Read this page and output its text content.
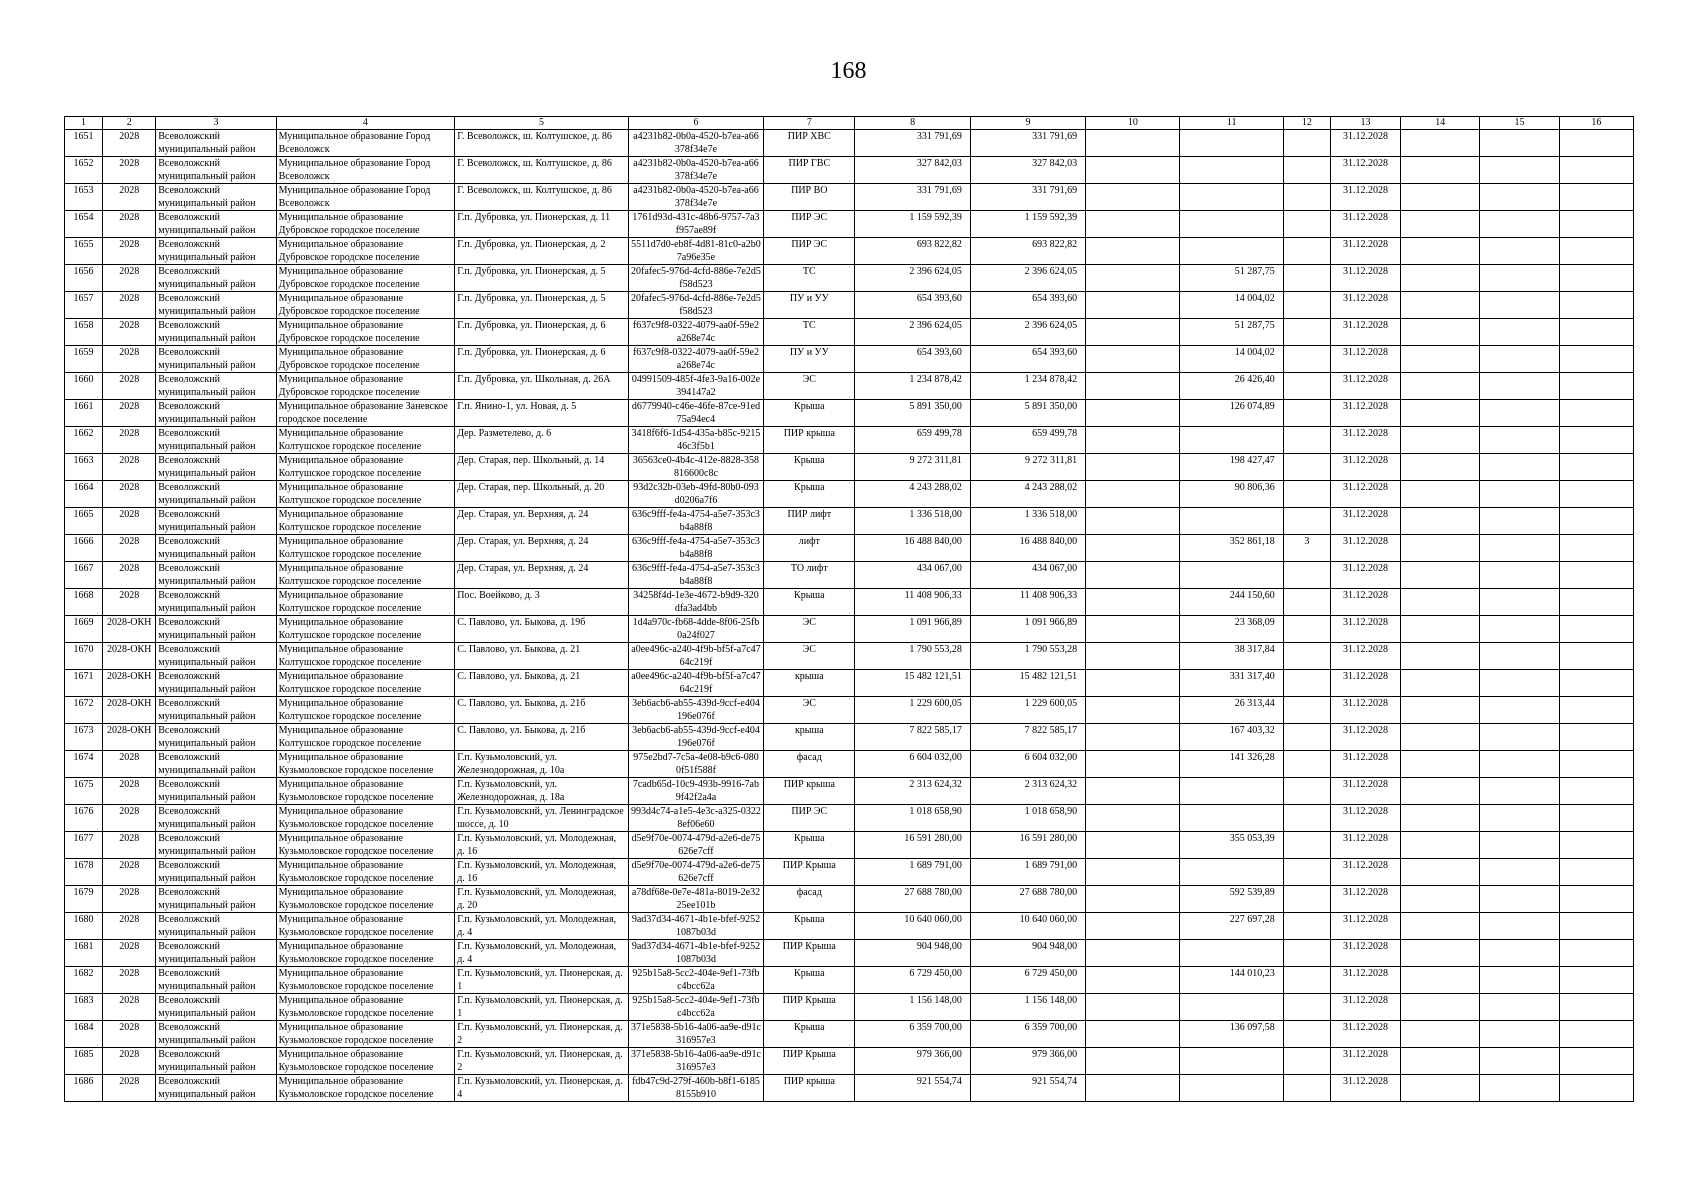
168
1	2	3	4	5	6	7	8	9	10	11	12	13	14	15	16
1651	2028	Всеволожский муниципальный район	Муниципальное образование Город Всеволожск	Г. Всеволожск, ш. Колтушское, д. 86	a4231b82-0b0a-4520-b7ea-a66378f34e7e	ПИР ХВС	331 791,69	331 791,69				31.12.2028			
1652	2028	Всеволожский муниципальный район	Муниципальное образование Город Всеволожск	Г. Всеволожск, ш. Колтушское, д. 86	a4231b82-0b0a-4520-b7ea-a66378f34e7e	ПИР ГВС	327 842,03	327 842,03				31.12.2028			
1653	2028	Всеволожский муниципальный район	Муниципальное образование Город Всеволожск	Г. Всеволожск, ш. Колтушское, д. 86	a4231b82-0b0a-4520-b7ea-a66378f34e7e	ПИР ВО	331 791,69	331 791,69				31.12.2028			
1654	2028	Всеволожский муниципальный район	Муниципальное образование Дубровское городское поселение	Г.п. Дубровка, ул. Пионерская, д. 11	1761d93d-431c-48b6-9757-7a3f957ae89f	ПИР ЭС	1 159 592,39	1 159 592,39				31.12.2028			
1655	2028	Всеволожский муниципальный район	Муниципальное образование Дубровское городское поселение	Г.п. Дубровка, ул. Пионерская, д. 2	5511d7d0-eb8f-4d81-81c0-a2b07a96e35e	ПИР ЭС	693 822,82	693 822,82				31.12.2028			
1656	2028	Всеволожский муниципальный район	Муниципальное образование Дубровское городское поселение	Г.п. Дубровка, ул. Пионерская, д. 5	20fafec5-976d-4cfd-886e-7e2d5f58d523	ТС	2 396 624,05	2 396 624,05		51 287,75		31.12.2028			
1657	2028	Всеволожский муниципальный район	Муниципальное образование Дубровское городское поселение	Г.п. Дубровка, ул. Пионерская, д. 5	20fafec5-976d-4cfd-886e-7e2d5f58d523	ПУ и УУ	654 393,60	654 393,60		14 004,02		31.12.2028			
1658	2028	Всеволожский муниципальный район	Муниципальное образование Дубровское городское поселение	Г.п. Дубровка, ул. Пионерская, д. 6	f637c9f8-0322-4079-aa0f-59e2a268e74c	ТС	2 396 624,05	2 396 624,05		51 287,75		31.12.2028			
1659	2028	Всеволожский муниципальный район	Муниципальное образование Дубровское городское поселение	Г.п. Дубровка, ул. Пионерская, д. 6	f637c9f8-0322-4079-aa0f-59e2a268e74c	ПУ и УУ	654 393,60	654 393,60		14 004,02		31.12.2028			
1660	2028	Всеволожский муниципальный район	Муниципальное образование Дубровское городское поселение	Г.п. Дубровка, ул. Школьная, д. 26А	04991509-485f-4fe3-9a16-002e394147a2	ЭС	1 234 878,42	1 234 878,42		26 426,40		31.12.2028			
1661	2028	Всеволожский муниципальный район	Муниципальное образование Заневское городское поселение	Г.п. Янино-1, ул. Новая, д. 5	d6779940-c46e-46fe-87ce-91ed75a94ec4	Крыша	5 891 350,00	5 891 350,00		126 074,89		31.12.2028			
1662	2028	Всеволожский муниципальный район	Муниципальное образование Колтушское городское поселение	Дер. Разметелево, д. 6	3418f6f6-1d54-435a-b85c-921546c3f5b1	ПИР крыша	659 499,78	659 499,78				31.12.2028			
1663	2028	Всеволожский муниципальный район	Муниципальное образование Колтушское городское поселение	Дер. Старая, пер. Школьный, д. 14	36563ce0-4b4c-412e-8828-358816600c8c	Крыша	9 272 311,81	9 272 311,81		198 427,47		31.12.2028			
1664	2028	Всеволожский муниципальный район	Муниципальное образование Колтушское городское поселение	Дер. Старая, пер. Школьный, д. 20	93d2c32b-03eb-49fd-80b0-093d0206a7f6	Крыша	4 243 288,02	4 243 288,02		90 806,36		31.12.2028			
1665	2028	Всеволожский муниципальный район	Муниципальное образование Колтушское городское поселение	Дер. Старая, ул. Верхняя, д. 24	636c9fff-fe4a-4754-a5e7-353c3b4a88f8	ПИР лифт	1 336 518,00	1 336 518,00				31.12.2028			
1666	2028	Всеволожский муниципальный район	Муниципальное образование Колтушское городское поселение	Дер. Старая, ул. Верхняя, д. 24	636c9fff-fe4a-4754-a5e7-353c3b4a88f8	лифт	16 488 840,00	16 488 840,00		352 861,18	3	31.12.2028			
1667	2028	Всеволожский муниципальный район	Муниципальное образование Колтушское городское поселение	Дер. Старая, ул. Верхняя, д. 24	636c9fff-fe4a-4754-a5e7-353c3b4a88f8	ТО лифт	434 067,00	434 067,00				31.12.2028			
1668	2028	Всеволожский муниципальный район	Муниципальное образование Колтушское городское поселение	Пос. Воейково, д. 3	34258f4d-1e3e-4672-b9d9-320dfa3ad4bb	Крыша	11 408 906,33	11 408 906,33		244 150,60		31.12.2028			
1669	2028-ОКН	Всеволожский муниципальный район	Муниципальное образование Колтушское городское поселение	С. Павлово, ул. Быкова, д. 19б	1d4a970c-fb68-4dde-8f06-25fb0a24f027	ЭС	1 091 966,89	1 091 966,89		23 368,09		31.12.2028			
1670	2028-ОКН	Всеволожский муниципальный район	Муниципальное образование Колтушское городское поселение	С. Павлово, ул. Быкова, д. 21	a0ee496c-a240-4f9b-bf5f-a7c4764c219f	ЭС	1 790 553,28	1 790 553,28		38 317,84		31.12.2028			
1671	2028-ОКН	Всеволожский муниципальный район	Муниципальное образование Колтушское городское поселение	С. Павлово, ул. Быкова, д. 21	a0ee496c-a240-4f9b-bf5f-a7c4764c219f	крыша	15 482 121,51	15 482 121,51		331 317,40		31.12.2028			
1672	2028-ОКН	Всеволожский муниципальный район	Муниципальное образование Колтушское городское поселение	С. Павлово, ул. Быкова, д. 21б	3eb6acb6-ab55-439d-9ccf-e404196e076f	ЭС	1 229 600,05	1 229 600,05		26 313,44		31.12.2028			
1673	2028-ОКН	Всеволожский муниципальный район	Муниципальное образование Колтушское городское поселение	С. Павлово, ул. Быкова, д. 21б	3eb6acb6-ab55-439d-9ccf-e404196e076f	крыша	7 822 585,17	7 822 585,17		167 403,32		31.12.2028			
1674	2028	Всеволожский муниципальный район	Муниципальное образование Кузьмоловское городское поселение	Г.п. Кузьмоловский, ул. Железнодорожная, д. 10а	975e2bd7-7c5a-4e08-b9c6-0800f51f588f	фасад	6 604 032,00	6 604 032,00		141 326,28		31.12.2028			
1675	2028	Всеволожский муниципальный район	Муниципальное образование Кузьмоловское городское поселение	Г.п. Кузьмоловский, ул. Железнодорожная, д. 18а	7cadb65d-10c9-493b-9916-7ab9f42f2a4a	ПИР крыша	2 313 624,32	2 313 624,32				31.12.2028			
1676	2028	Всеволожский муниципальный район	Муниципальное образование Кузьмоловское городское поселение	Г.п. Кузьмоловский, ул. Ленинградское шоссе, д. 10	993d4c74-a1e5-4e3c-a325-03228ef06e60	ПИР ЭС	1 018 658,90	1 018 658,90				31.12.2028			
1677	2028	Всеволожский муниципальный район	Муниципальное образование Кузьмоловское городское поселение	Г.п. Кузьмоловский, ул. Молодежная, д. 16	d5e9f70e-0074-479d-a2e6-de75626e7cff	Крыша	16 591 280,00	16 591 280,00		355 053,39		31.12.2028			
1678	2028	Всеволожский муниципальный район	Муниципальное образование Кузьмоловское городское поселение	Г.п. Кузьмоловский, ул. Молодежная, д. 16	d5e9f70e-0074-479d-a2e6-de75626e7cff	ПИР Крыша	1 689 791,00	1 689 791,00				31.12.2028			
1679	2028	Всеволожский муниципальный район	Муниципальное образование Кузьмоловское городское поселение	Г.п. Кузьмоловский, ул. Молодежная, д. 20	a78df68e-0e7e-481a-8019-2e3225ee101b	фасад	27 688 780,00	27 688 780,00		592 539,89		31.12.2028			
1680	2028	Всеволожский муниципальный район	Муниципальное образование Кузьмоловское городское поселение	Г.п. Кузьмоловский, ул. Молодежная, д. 4	9ad37d34-4671-4b1e-bfef-92521087b03d	Крыша	10 640 060,00	10 640 060,00		227 697,28		31.12.2028			
1681	2028	Всеволожский муниципальный район	Муниципальное образование Кузьмоловское городское поселение	Г.п. Кузьмоловский, ул. Молодежная, д. 4	9ad37d34-4671-4b1e-bfef-92521087b03d	ПИР Крыша	904 948,00	904 948,00				31.12.2028			
1682	2028	Всеволожский муниципальный район	Муниципальное образование Кузьмоловское городское поселение	Г.п. Кузьмоловский, ул. Пионерская, д. 1	925b15a8-5cc2-404e-9ef1-73fbc4bcc62a	Крыша	6 729 450,00	6 729 450,00		144 010,23		31.12.2028			
1683	2028	Всеволожский муниципальный район	Муниципальное образование Кузьмоловское городское поселение	Г.п. Кузьмоловский, ул. Пионерская, д. 1	925b15a8-5cc2-404e-9ef1-73fbc4bcc62a	ПИР Крыша	1 156 148,00	1 156 148,00				31.12.2028			
1684	2028	Всеволожский муниципальный район	Муниципальное образование Кузьмоловское городское поселение	Г.п. Кузьмоловский, ул. Пионерская, д. 2	371e5838-5b16-4a06-aa9e-d91c316957e3	Крыша	6 359 700,00	6 359 700,00		136 097,58		31.12.2028			
1685	2028	Всеволожский муниципальный район	Муниципальное образование Кузьмоловское городское поселение	Г.п. Кузьмоловский, ул. Пионерская, д. 2	371e5838-5b16-4a06-aa9e-d91c316957e3	ПИР Крыша	979 366,00	979 366,00				31.12.2028			
1686	2028	Всеволожский муниципальный район	Муниципальное образование Кузьмоловское городское поселение	Г.п. Кузьмоловский, ул. Пионерская, д. 4	fdb47c9d-279f-460b-b8f1-61858155b910	ПИР крыша	921 554,74	921 554,74				31.12.2028			
